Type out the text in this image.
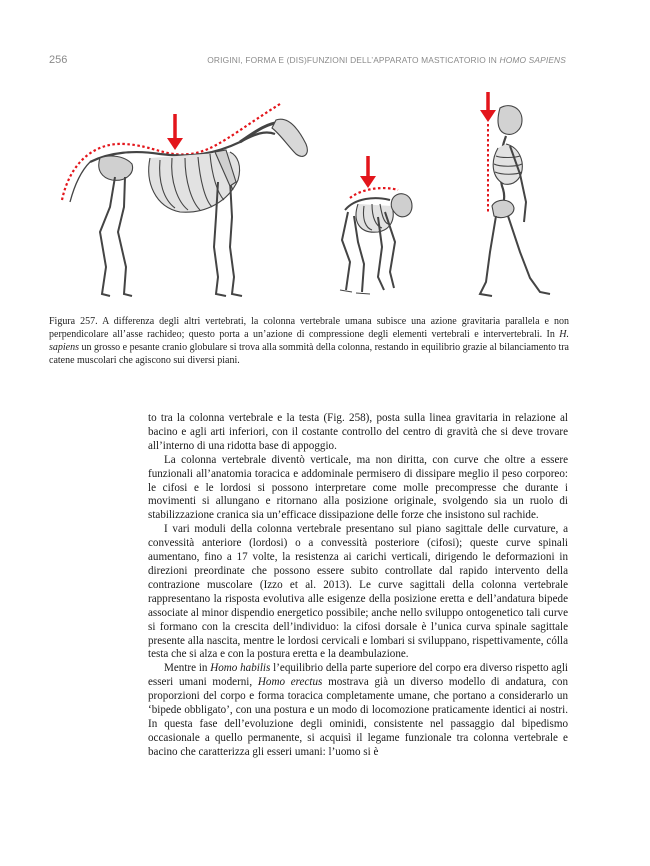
256	ORIGINI, FORMA E (DIS)FUNZIONI DELL’APPARATO MASTICATORIO IN HOMO SAPIENS
Figura 257. A differenza degli altri vertebrati, la colonna vertebrale umana subisce una azione gravitaria parallela e non perpendicolare all’asse rachideo; questo porta a un’azione di compressione degli elementi vertebrali e intervertebrali. In H. sapiens un grosso e pesante cranio globulare si trova alla sommità della colonna, restando in equilibrio grazie al bilanciamento tra catene muscolari che agiscono sui diversi piani.

to tra la colonna vertebrale e la testa (Fig. 258), posta sulla linea gravitaria in relazione al bacino e agli arti inferiori, con il costante controllo del centro di gravità che si deve trovare all’interno di una ridotta base di appoggio.

La colonna vertebrale diventò verticale, ma non diritta, con curve che oltre a essere funzionali all’anatomia toracica e addominale permisero di dissipare meglio il peso corporeo: le cifosi e le lordosi si possono interpretare come molle precompresse che durante i movimenti si allungano e ritornano alla posizione originale, svolgendo sia un ruolo di stabilizzazione cranica sia un’efficace dissipazione delle forze che insistono sul rachide.

I vari moduli della colonna vertebrale presentano sul piano sagittale delle curvature, a convessità anteriore (lordosi) o a convessità posteriore (cifosi); queste curve spinali aumentano, fino a 17 volte, la resistenza ai carichi verticali, dirigendo le deformazioni in direzioni preordinate che possono essere subito controllate dal rapido intervento della contrazione muscolare (Izzo et al. 2013). Le curve sagittali della colonna vertebrale rappresentano la risposta evolutiva alle esigenze della posizione eretta e dell’andatura bipede associate al minor dispendio energetico possibile; anche nello sviluppo ontogenetico tali curve si formano con la crescita dell’individuo: la cifosi dorsale è l’unica curva spinale sagittale presente alla nascita, mentre le lordosi cervicali e lombari si sviluppano, rispettivamente, cólla testa che si alza e con la postura eretta e la deambulazione.

Mentre in Homo habilis l’equilibrio della parte superiore del corpo era diverso rispetto agli esseri umani moderni, Homo erectus mostrava già un diverso modello di andatura, con proporzioni del corpo e forma toracica completamente umane, che portano a considerarlo un ‘bipede obbligato’, con una postura e un modo di locomozione praticamente identici ai nostri. In questa fase dell’evoluzione degli ominidi, consistente nel passaggio dal bipedismo occasionale a quello permanente, si acquisì il legame funzionale tra colonna vertebrale e bacino che caratterizza gli esseri umani: l’uomo si è
